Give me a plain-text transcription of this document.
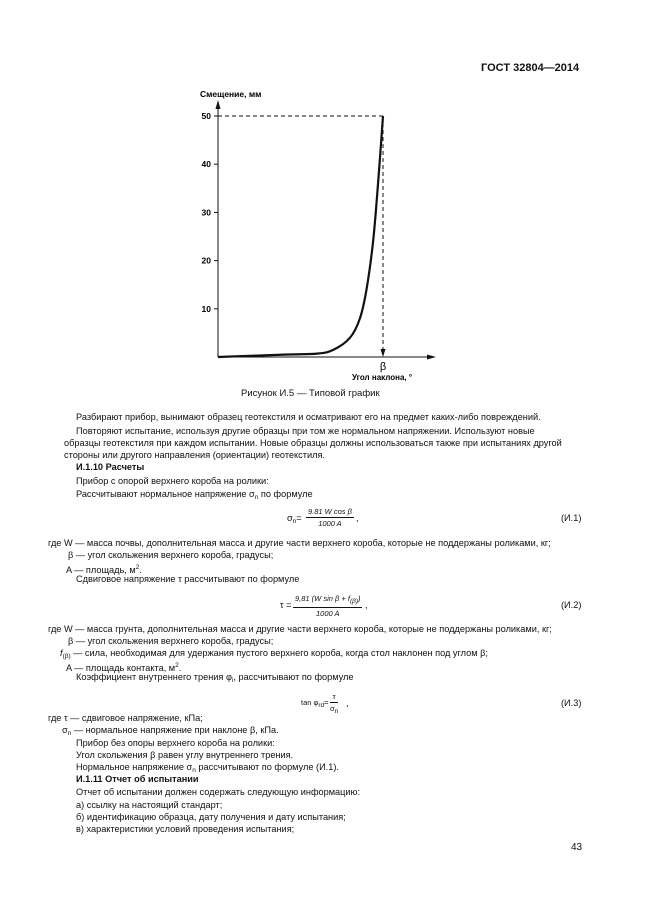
ГОСТ 32804—2014
Смещение, мм
10
20
30
40
50
β
Угол наклона, °
Рисунок И.5 — Типовой график
Разбирают прибор, вынимают образец геотекстиля и осматривают его на предмет каких-либо повреждений.
Повторяют испытание, используя другие образцы при том же нормальном напряжении. Используют новые
образцы геотекстиля при каждом испытании. Новые образцы должны использоваться также при испытаниях другой
стороны или другого направления (ориентации) геотекстиля.
И.1.10 Расчеты
Прибор с опорой верхнего короба на ролики:
Рассчитывают нормальное напряжение $\sigma_n$ по формуле
$\sigma_n= \frac{\text{9.81 W cos β}}{1000 A}$ ,	(И.1)
где W — масса почвы, дополнительная масса и другие части верхнего короба, которые не поддержаны роликами, кг;
β — угол скольжения верхнего короба, градусы;
A — площадь, $м^2$.
Сдвиговое напряжение τ рассчитывают по формуле
$\tau = \frac{\text{9,81 (W sin β + f(β))}}{1000 A}$ ,	(И.2)
где W — масса грунта, дополнительная масса и другие части верхнего короба, которые не поддержаны роликами, кг;
β — угол скольжения верхнего короба, градусы;
$f_{(\beta)}$ — сила, необходимая для удержания пустого верхнего короба, когда стол наклонен под углом β;
A — площадь контакта, $м^2$.
Коэффициент внутреннего трения $\varphi_i$, рассчитывают по формуле
$\tan \varphi rd= \frac{\tau}{\sigma n}$ ,	(И.3)
где τ — сдвиговое напряжение, кПа;
$\sigma_n$ — нормальное напряжение при наклоне β, кПа.
Прибор без опоры верхнего короба на ролики:
Угол скольжения β равен углу внутреннего трения.
Нормальное напряжение $\sigma_n$ рассчитывают по формуле (И.1).
И.1.11 Отчет об испытании
Отчет об испытании должен содержать следующую информацию:
а) ссылку на настоящий стандарт;
б) идентификацию образца, дату получения и дату испытания;
в) характеристики условий проведения испытания;
43
